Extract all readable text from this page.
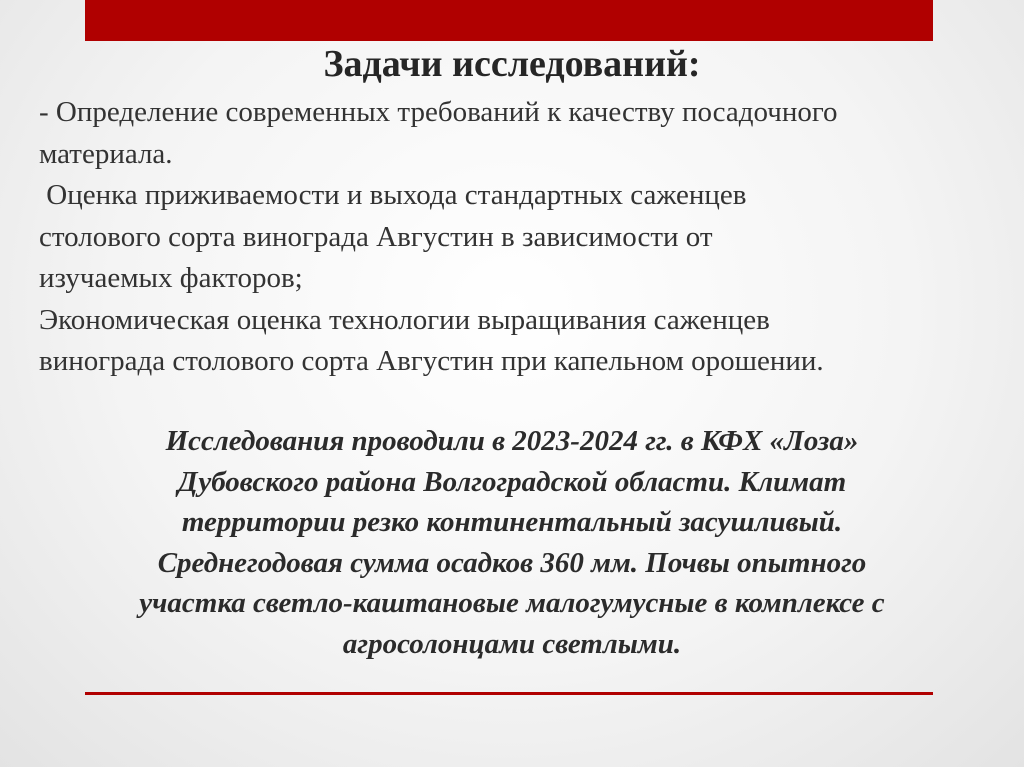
Задачи исследований:
- Определение современных требований к качеству посадочного
материала.
Оценка приживаемости и выхода стандартных саженцев
столового сорта винограда Августин в зависимости от
изучаемых факторов;
Экономическая оценка технологии выращивания саженцев
винограда столового сорта Августин при капельном орошении.
Исследования проводили в 2023-2024 гг. в КФХ «Лоза»
Дубовского района Волгоградской области. Климат
территории резко континентальный засушливый.
Среднегодовая сумма осадков 360 мм. Почвы опытного
участка светло-каштановые малогумусные в комплексе с
агросолонцами светлыми.
